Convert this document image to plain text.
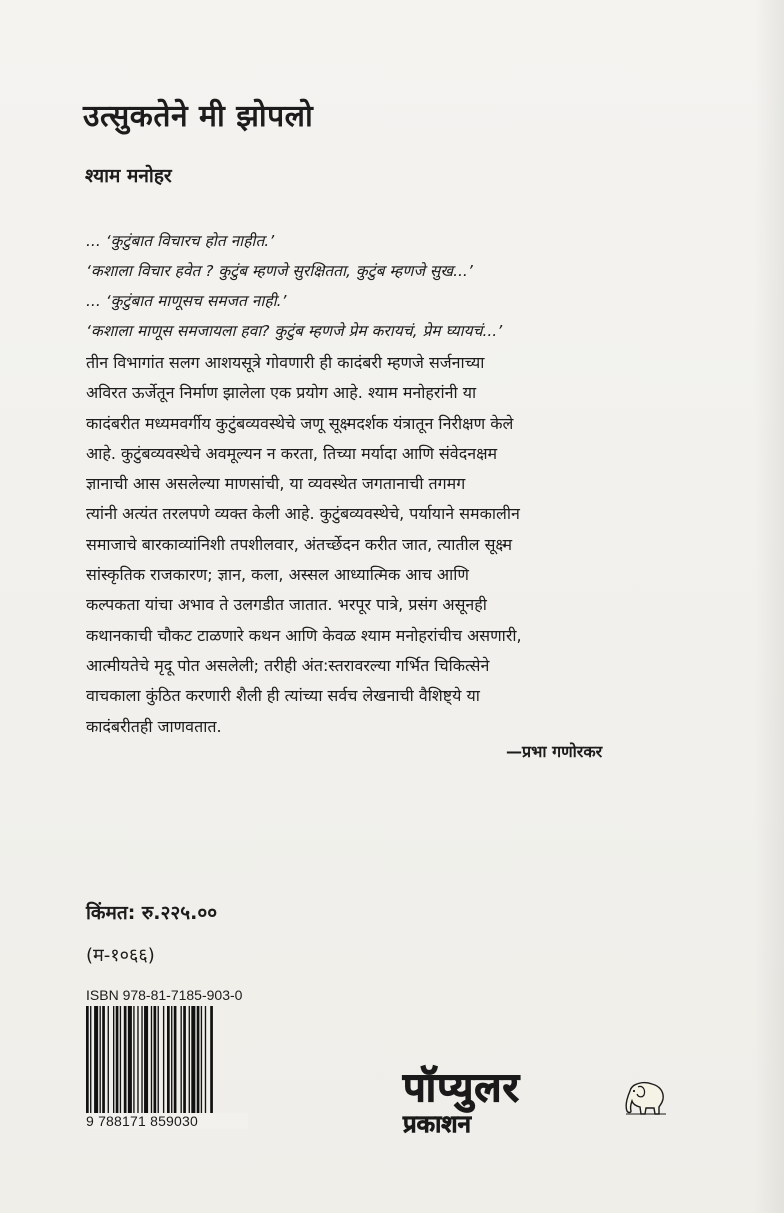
उत्सुकतेने मी झोपलो
श्याम मनोहर
... ‘कुटुंबात विचारच होत नाहीत.’
‘कशाला विचार हवेत ? कुटुंब म्हणजे सुरक्षितता, कुटुंब म्हणजे सुख...’
... ‘कुटुंबात माणूसच समजत नाही.’
‘कशाला माणूस समजायला हवा? कुटुंब म्हणजे प्रेम करायचं, प्रेम घ्यायचं...’
तीन विभागांत सलग आशयसूत्रे गोवणारी ही कादंबरी म्हणजे सर्जनाच्या
अविरत ऊर्जेतून निर्माण झालेला एक प्रयोग आहे. श्याम मनोहरांनी या
कादंबरीत मध्यमवर्गीय कुटुंबव्यवस्थेचे जणू सूक्ष्मदर्शक यंत्रातून निरीक्षण केले
आहे. कुटुंबव्यवस्थेचे अवमूल्यन न करता, तिच्या मर्यादा आणि संवेदनक्षम
ज्ञानाची आस असलेल्या माणसांची, या व्यवस्थेत जगतानाची तगमग
त्यांनी अत्यंत तरलपणे व्यक्त केली आहे. कुटुंबव्यवस्थेचे, पर्यायाने समकालीन
समाजाचे बारकाव्यांनिशी तपशीलवार, अंतर्च्छेदन करीत जात, त्यातील सूक्ष्म
सांस्कृतिक राजकारण; ज्ञान, कला, अस्सल आध्यात्मिक आच आणि
कल्पकता यांचा अभाव ते उलगडीत जातात. भरपूर पात्रे, प्रसंग असूनही
कथानकाची चौकट टाळणारे कथन आणि केवळ श्याम मनोहरांचीच असणारी,
आत्मीयतेचे मृदू पोत असलेली; तरीही अंत:स्तरावरल्या गर्भित चिकित्सेने
वाचकाला कुंठित करणारी शैली ही त्यांच्या सर्वच लेखनाची वैशिष्ट्ये या
कादंबरीतही जाणवतात.
—प्रभा गणोरकर
किंमत: रु.२२५.००
(म-१०६६)
ISBN 978-81-7185-903-0
9 788171 859030
पॉप्युलर
प्रकाशन
